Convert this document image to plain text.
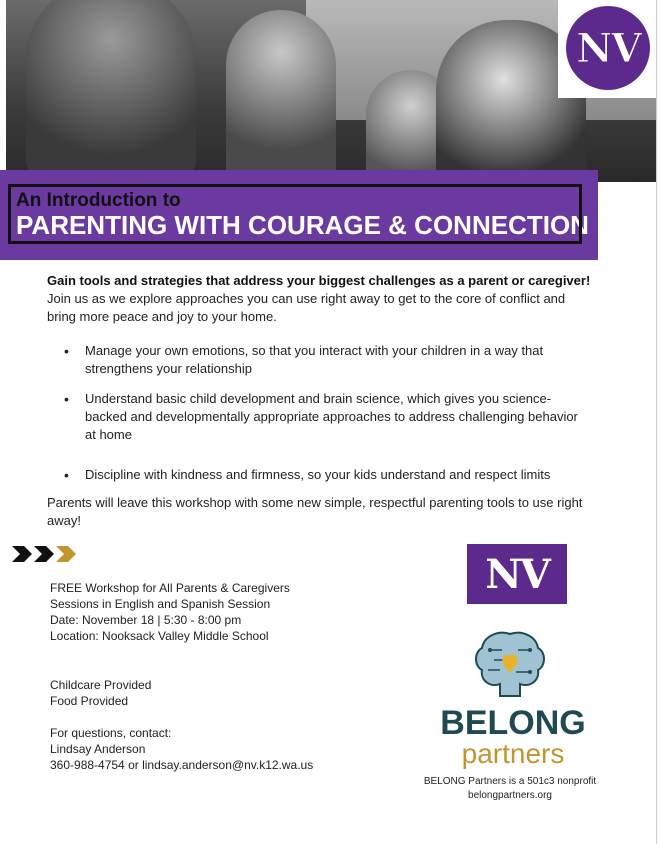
NV
An Introduction to
PARENTING WITH COURAGE & CONNECTION
Gain tools and strategies that address your biggest challenges as a parent or caregiver! Join us as we explore approaches you can use right away to get to the core of conflict and bring more peace and joy to your home.
• Manage your own emotions, so that you interact with your children in a way that strengthens your relationship
• Understand basic child development and brain science, which gives you science-backed and developmentally appropriate approaches to address challenging behavior at home
• Discipline with kindness and firmness, so your kids understand and respect limits
Parents will leave this workshop with some new simple, respectful parenting tools to use right away!
FREE Workshop for All Parents & Caregivers
Sessions in English and Spanish Session
Date: November 18 | 5:30 - 8:00 pm
Location: Nooksack Valley Middle School
Childcare Provided
Food Provided
For questions, contact:
Lindsay Anderson
360-988-4754 or lindsay.anderson@nv.k12.wa.us
NV
BELONG
partners
BELONG Partners is a 501c3 nonprofit
belongpartners.org
